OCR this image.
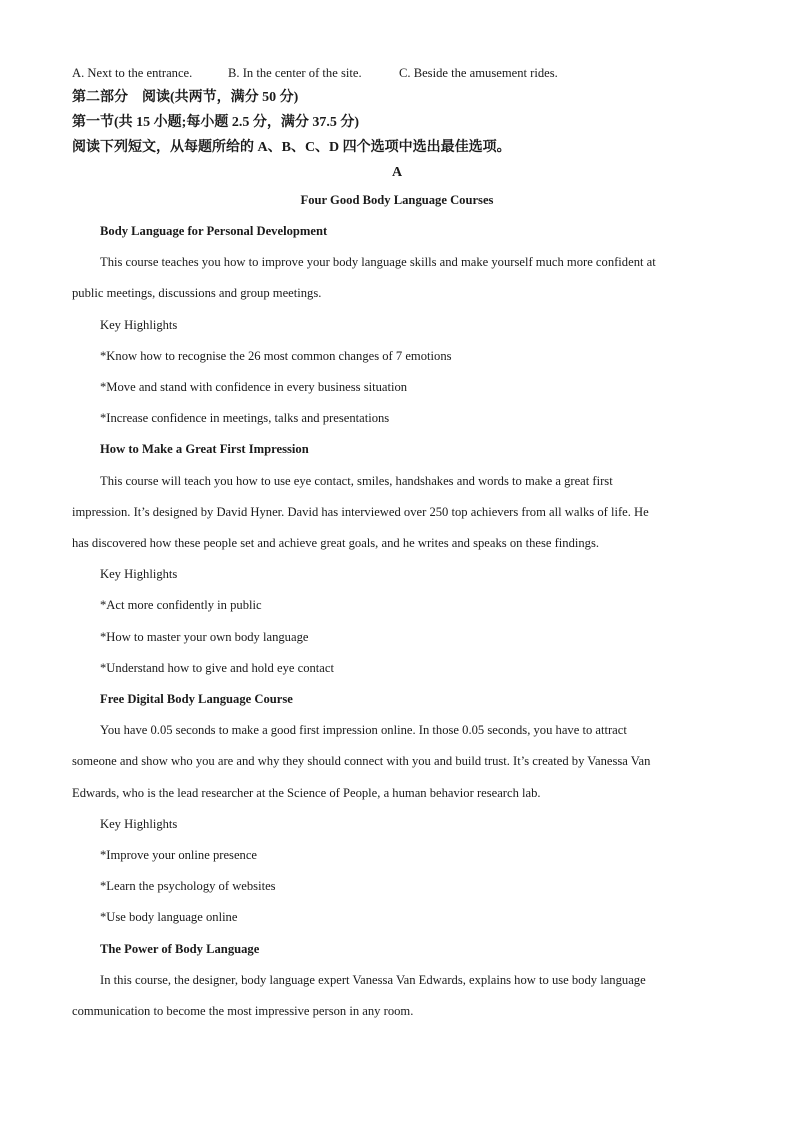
A. Next to the entrance.	B. In the center of the site.	C. Beside the amusement rides.
第二部分　阅读(共两节，满分 50 分)
第一节(共 15 小题;每小题 2.5 分，满分 37.5 分)
阅读下列短文，从每题所给的 A、B、C、D 四个选项中选出最佳选项。
A
Four Good Body Language Courses
Body Language for Personal Development
This course teaches you how to improve your body language skills and make yourself much more confident at
public meetings, discussions and group meetings.
Key Highlights
*Know how to recognise the 26 most common changes of 7 emotions
*Move and stand with confidence in every business situation
*Increase confidence in meetings, talks and presentations
How to Make a Great First Impression
This course will teach you how to use eye contact, smiles, handshakes and words to make a great first
impression. It’s designed by David Hyner. David has interviewed over 250 top achievers from all walks of life. He
has discovered how these people set and achieve great goals, and he writes and speaks on these findings.
Key Highlights
*Act more confidently in public
*How to master your own body language
*Understand how to give and hold eye contact
Free Digital Body Language Course
You have 0.05 seconds to make a good first impression online. In those 0.05 seconds, you have to attract
someone and show who you are and why they should connect with you and build trust. It’s created by Vanessa Van
Edwards, who is the lead researcher at the Science of People, a human behavior research lab.
Key Highlights
*Improve your online presence
*Learn the psychology of websites
*Use body language online
The Power of Body Language
In this course, the designer, body language expert Vanessa Van Edwards, explains how to use body language
communication to become the most impressive person in any room.
